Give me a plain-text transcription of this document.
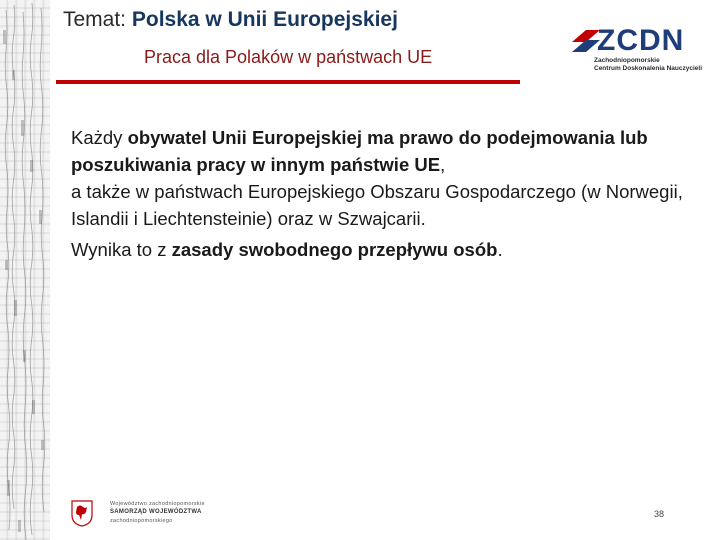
Temat: Polska w Unii Europejskiej
Praca dla Polaków w państwach UE	ZCDN
Zachodniopomorskie
Centrum Doskonalenia Nauczycieli

Każdy obywatel Unii Europejskiej ma prawo do podejmowania lub poszukiwania pracy w innym państwie UE,

a także w państwach Europejskiego Obszaru Gospodarczego (w Norwegii, Islandii i Liechtensteinie) oraz w Szwajcarii.

Wynika to z zasady swobodnego przepływu osób.

Województwo zachodniopomorskie
SAMORZĄD WOJEWÓDZTWA
zachodniopomorskiego
38
